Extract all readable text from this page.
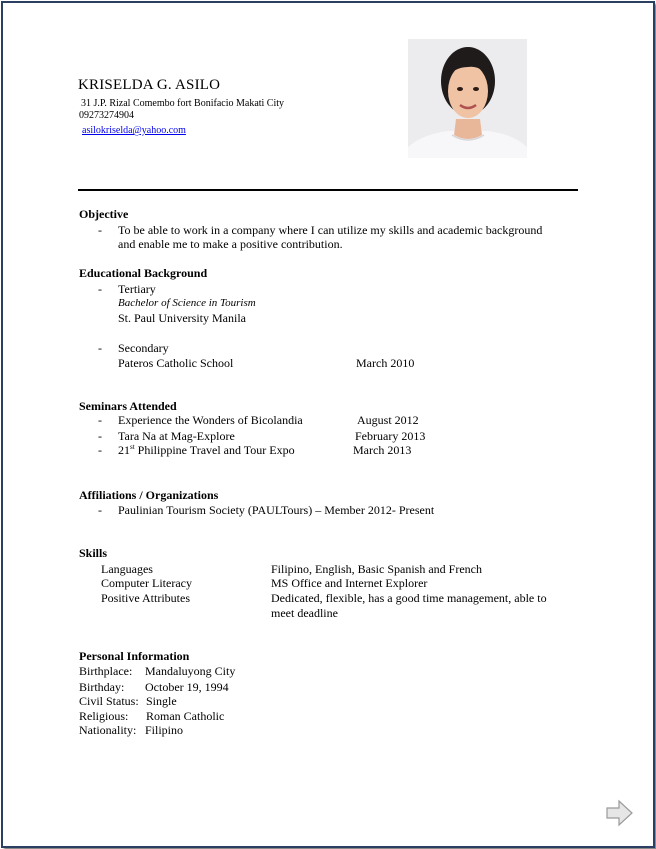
KRISELDA G. ASILO
31 J.P. Rizal Comembo fort Bonifacio Makati City
09273274904
asilokriselda@yahoo.com
Objective
- To be able to work in a company where I can utilize my skills and academic background
and enable me to make a positive contribution.
Educational Background
- Tertiary
Bachelor of Science in Tourism
St. Paul University Manila
- Secondary
Pateros Catholic School	March 2010
Seminars Attended
- Experience the Wonders of Bicolandia	August 2012
- Tara Na at Mag-Explore	February 2013
- 21st Philippine Travel and Tour Expo	March 2013
Affiliations / Organizations
- Paulinian Tourism Society (PAULTours) – Member 2012- Present
Skills
Languages	Filipino, English, Basic Spanish and French
Computer Literacy	MS Office and Internet Explorer
Positive Attributes	Dedicated, flexible, has a good time management, able to
meet deadline
Personal Information
Birthplace: Mandaluyong City
Birthday: October 19, 1994
Civil Status: Single
Religious: Roman Catholic
Nationality: Filipino
